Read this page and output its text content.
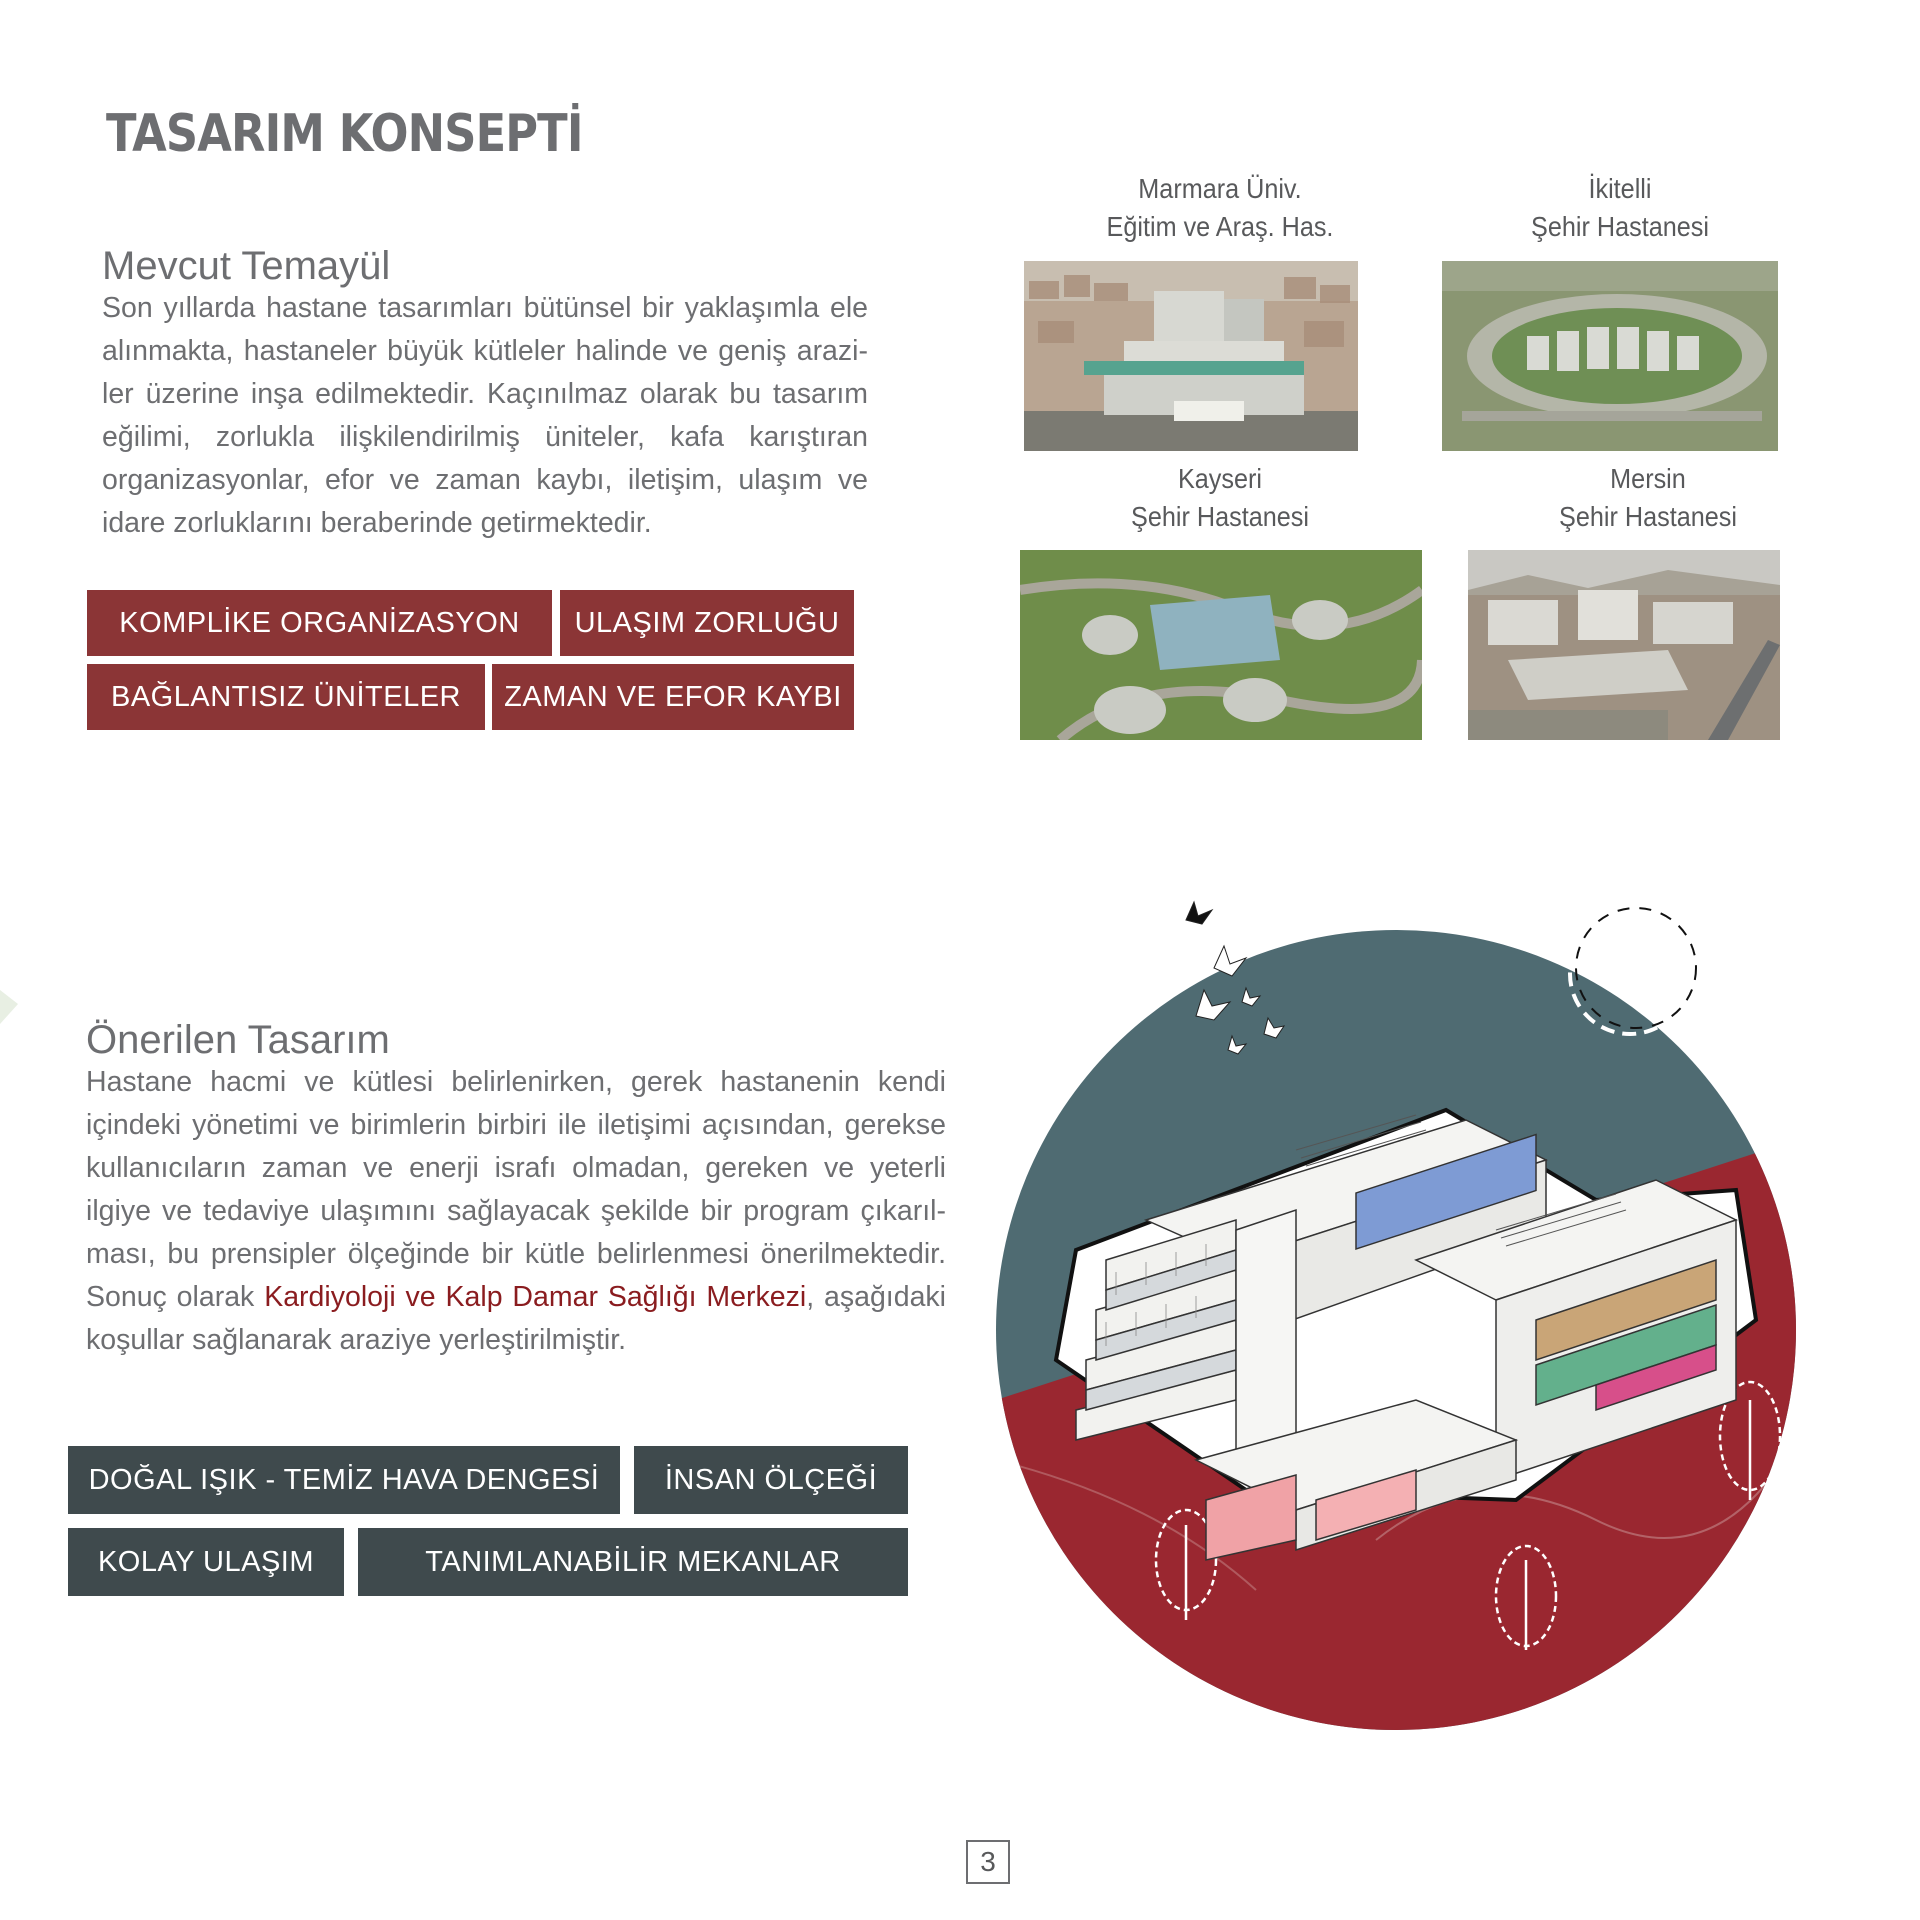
TASARIM KONSEPTİ
Mevcut Temayül

Son yıllarda hastane tasarımları bütünsel bir yaklaşımla ele alınmakta, hastaneler büyük kütleler halinde ve geniş araziler üzerine inşa edilmektedir. Kaçınılmaz olarak bu tasarım eğilimi, zorlukla ilişkilendirilmiş üniteler, kafa karıştıran organizasyonlar, efor ve zaman kaybı, iletişim, ulaşım ve idare zorluklarını beraberinde getirmektedir.

KOMPLİKE ORGANİZASYON	ULAŞIM ZORLUĞU
BAĞLANTISIZ ÜNİTELER	ZAMAN VE EFOR KAYBI
Marmara Üniv.
Eğitim ve Araş. Has.
İkitelli
Şehir Hastanesi
Kayseri
Şehir Hastanesi
Mersin
Şehir Hastanesi
Önerilen Tasarım

Hastane hacmi ve kütlesi belirlenirken, gerek hastanenin kendi içindeki yönetimi ve birimlerin birbiri ile iletişimi açısından, gerekse kullanıcıların zaman ve enerji israfı olmadan, gereken ve yeterli ilgiye ve tedaviye ulaşımını sağlayacak şekilde bir program çıkarılması, bu prensipler ölçeğinde bir kütle belirlenmesi önerilmektedir. Sonuç olarak Kardiyoloji ve Kalp Damar Sağlığı Merkezi, aşağıdaki koşullar sağlanarak araziye yerleştirilmiştir.

DOĞAL IŞIK - TEMİZ HAVA DENGESİ	İNSAN ÖLÇEĞİ
KOLAY ULAŞIM	TANIMLANABİLİR MEKANLAR
3
